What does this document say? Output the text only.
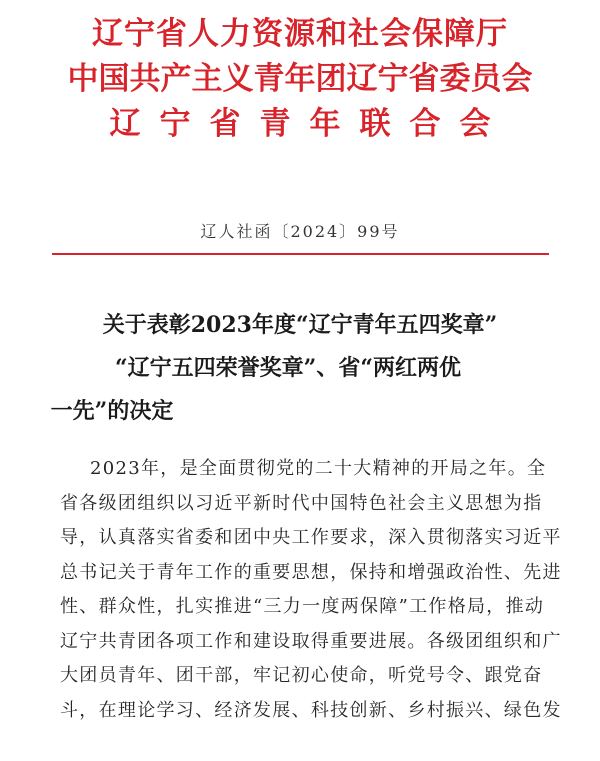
辽宁省人力资源和社会保障厅
中国共产主义青年团辽宁省委员会
辽宁省青年联合会
辽人社函〔2024〕99号
关于表彰2023年度“辽宁青年五四奖章”
“辽宁五四荣誉奖章”、省“两红两优
一先”的决定
2023年，是全面贯彻党的二十大精神的开局之年。全
省各级团组织以习近平新时代中国特色社会主义思想为指
导，认真落实省委和团中央工作要求，深入贯彻落实习近平
总书记关于青年工作的重要思想，保持和增强政治性、先进
性、群众性，扎实推进“三力一度两保障”工作格局，推动
辽宁共青团各项工作和建设取得重要进展。各级团组织和广
大团员青年、团干部，牢记初心使命，听党号令、跟党奋
斗，在理论学习、经济发展、科技创新、乡村振兴、绿色发
